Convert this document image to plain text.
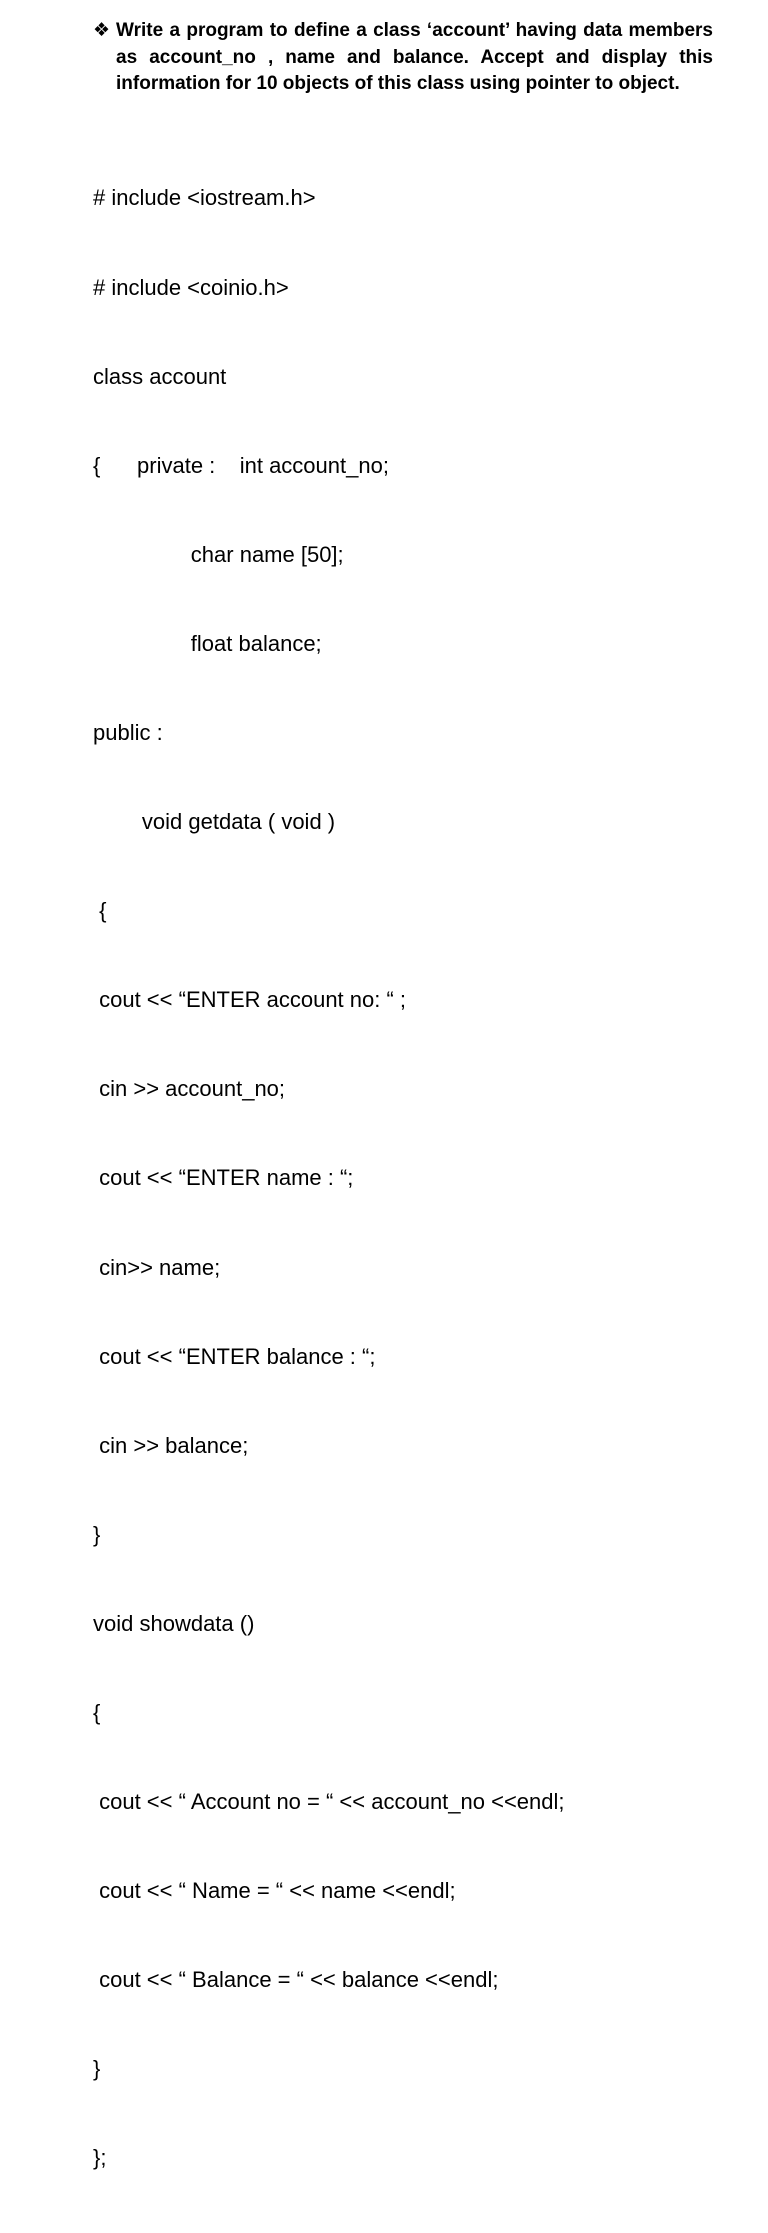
❖ Write a program to define a class ‘account’ having data members as account_no , name and balance. Accept and display this information for 10 objects of this class using pointer to object.

# include <iostream.h>

# include <coinio.h>

class account

{      private :    int account_no;

char name [50];

float balance;

public :

void getdata ( void )

{

cout << “ENTER account no: “ ;

cin >> account_no;

cout << “ENTER name : “;

cin>> name;

cout << “ENTER balance : “;

cin >> balance;

}

void showdata ()

{

cout << “ Account no = “ << account_no <<endl;

cout << “ Name = “ << name <<endl;

cout << “ Balance = “ << balance <<endl;

}

};
